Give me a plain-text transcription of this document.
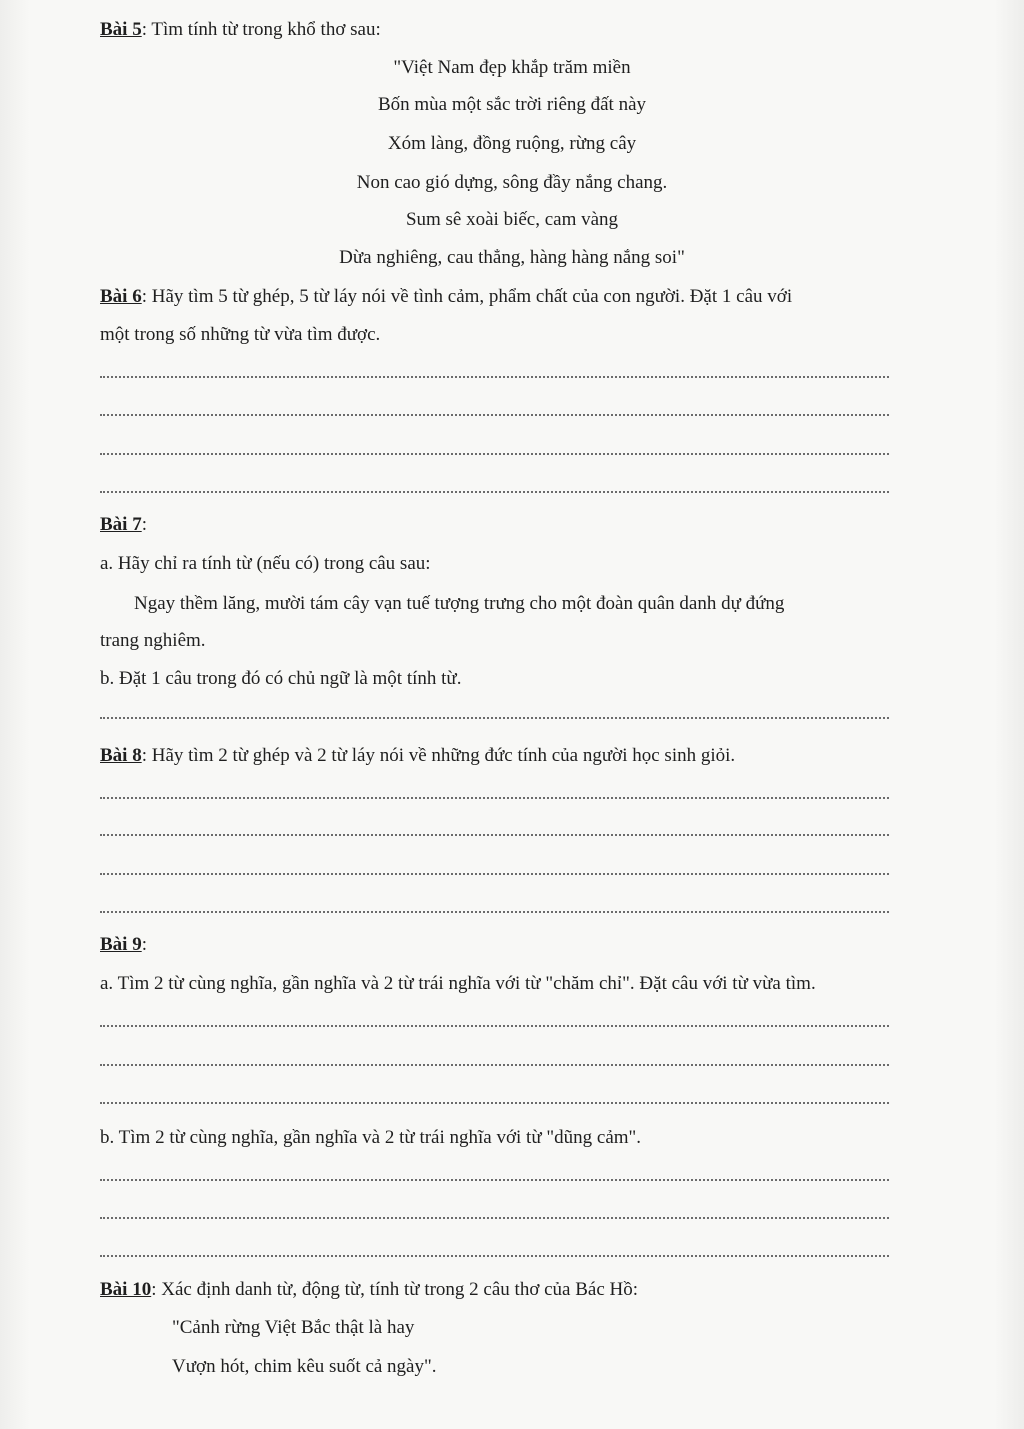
Bài 5: Tìm tính từ trong khổ thơ sau:
"Việt Nam đẹp khắp trăm miền
Bốn mùa một sắc trời riêng đất này
Xóm làng, đồng ruộng, rừng cây
Non cao gió dựng, sông đầy nắng chang.
Sum sê xoài biếc, cam vàng
Dừa nghiêng, cau thẳng, hàng hàng nắng soi"
Bài 6: Hãy tìm 5 từ ghép, 5 từ láy nói về tình cảm, phẩm chất của con người. Đặt 1 câu với
một trong số những từ vừa tìm được.
Bài 7:
a. Hãy chỉ ra tính từ (nếu có) trong câu sau:
Ngay thềm lăng, mười tám cây vạn tuế tượng trưng cho một đoàn quân danh dự đứng
trang nghiêm.
b. Đặt 1 câu trong đó có chủ ngữ là một tính từ.
Bài 8: Hãy tìm 2 từ ghép và 2 từ láy nói về những đức tính của người học sinh giỏi.
Bài 9:
a. Tìm 2 từ cùng nghĩa, gần nghĩa và 2 từ trái nghĩa với từ "chăm chỉ". Đặt câu với từ vừa tìm.
b. Tìm 2 từ cùng nghĩa, gần nghĩa và 2 từ trái nghĩa với từ "dũng cảm".
Bài 10: Xác định danh từ, động từ, tính từ trong 2 câu thơ của Bác Hồ:
"Cảnh rừng Việt Bắc thật là hay
Vượn hót, chim kêu suốt cả ngày".
